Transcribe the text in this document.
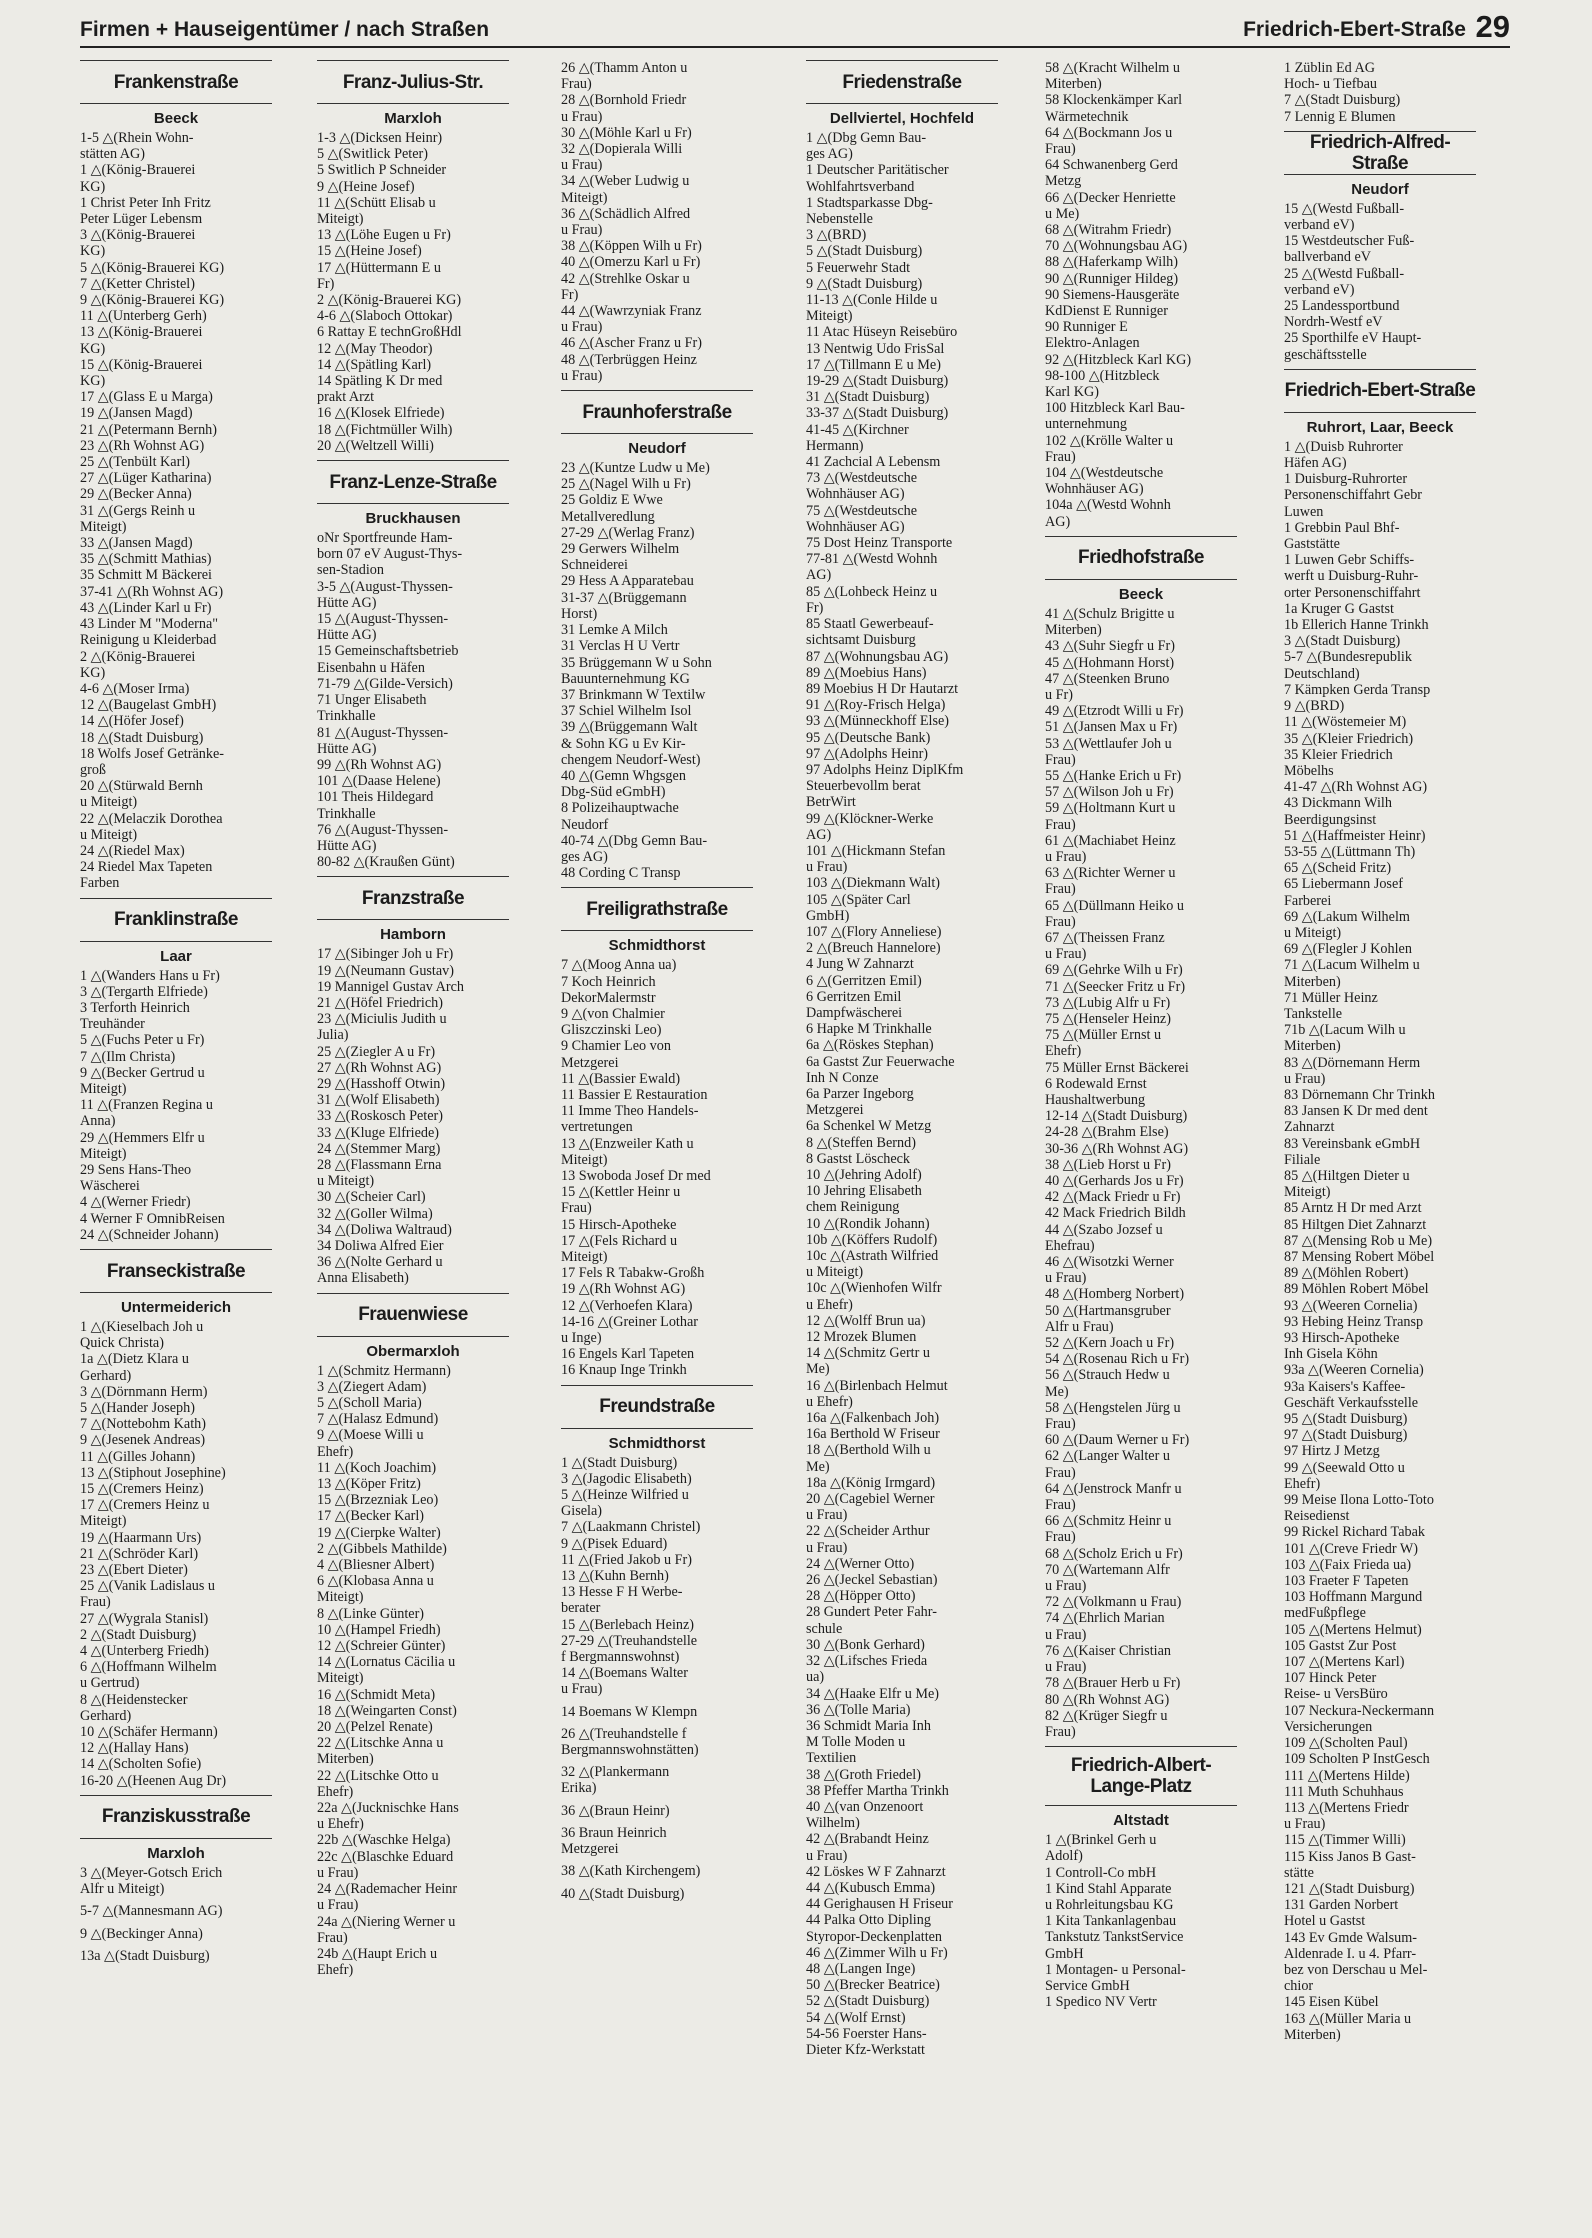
Firmen + Hauseigentümer / nach Straßen	Friedrich-Ebert-Straße 29
Frankenstraße
Beeck
1-5 △(Rhein Wohn-
stätten AG)
1 △(König-Brauerei
KG)
1 Christ Peter Inh Fritz
Peter Lüger Lebensm
3 △(König-Brauerei
KG)
5 △(König-Brauerei KG)
7 △(Ketter Christel)
9 △(König-Brauerei KG)
11 △(Unterberg Gerh)
13 △(König-Brauerei
KG)
15 △(König-Brauerei
KG)
17 △(Glass E u Marga)
19 △(Jansen Magd)
21 △(Petermann Bernh)
23 △(Rh Wohnst AG)
25 △(Tenbült Karl)
27 △(Lüger Katharina)
29 △(Becker Anna)
31 △(Gergs Reinh u
Miteigt)
33 △(Jansen Magd)
35 △(Schmitt Mathias)
35 Schmitt M Bäckerei
37-41 △(Rh Wohnst AG)
43 △(Linder Karl u Fr)
43 Linder M "Moderna"
Reinigung u Kleiderbad
2 △(König-Brauerei
KG)
4-6 △(Moser Irma)
12 △(Baugelast GmbH)
14 △(Höfer Josef)
18 △(Stadt Duisburg)
18 Wolfs Josef Getränke-
groß
20 △(Stürwald Bernh
u Miteigt)
22 △(Melaczik Dorothea
u Miteigt)
24 △(Riedel Max)
24 Riedel Max Tapeten
Farben
Franklinstraße
Laar
1 △(Wanders Hans u Fr)
3 △(Tergarth Elfriede)
3 Terforth Heinrich
Treuhänder
5 △(Fuchs Peter u Fr)
7 △(Ilm Christa)
9 △(Becker Gertrud u
Miteigt)
11 △(Franzen Regina u
Anna)
29 △(Hemmers Elfr u
Miteigt)
29 Sens Hans-Theo
Wäscherei
4 △(Werner Friedr)
4 Werner F OmnibReisen
24 △(Schneider Johann)
Franseckistraße
Untermeiderich
1 △(Kieselbach Joh u
Quick Christa)
1a △(Dietz Klara u
Gerhard)
3 △(Dörnmann Herm)
5 △(Hander Joseph)
7 △(Nottebohm Kath)
9 △(Jesenek Andreas)
11 △(Gilles Johann)
13 △(Stiphout Josephine)
15 △(Cremers Heinz)
17 △(Cremers Heinz u
Miteigt)
19 △(Haarmann Urs)
21 △(Schröder Karl)
23 △(Ebert Dieter)
25 △(Vanik Ladislaus u
Frau)
27 △(Wygrala Stanisl)
2 △(Stadt Duisburg)
4 △(Unterberg Friedh)
6 △(Hoffmann Wilhelm
u Gertrud)
8 △(Heidenstecker
Gerhard)
10 △(Schäfer Hermann)
12 △(Hallay Hans)
14 △(Scholten Sofie)
16-20 △(Heenen Aug Dr)
Franziskusstraße
Marxloh
3 △(Meyer-Gotsch Erich
Alfr u Miteigt)
5-7 △(Mannesmann AG)
9 △(Beckinger Anna)
13a △(Stadt Duisburg)
Franz-Julius-Str.
Marxloh
1-3 △(Dicksen Heinr)
5 △(Switlick Peter)
5 Switlich P Schneider
9 △(Heine Josef)
11 △(Schütt Elisab u
Miteigt)
13 △(Löhe Eugen u Fr)
15 △(Heine Josef)
17 △(Hüttermann E u
Fr)
2 △(König-Brauerei KG)
4-6 △(Slaboch Ottokar)
6 Rattay E technGroßHdl
12 △(May Theodor)
14 △(Spätling Karl)
14 Spätling K Dr med
prakt Arzt
16 △(Klosek Elfriede)
18 △(Fichtmüller Wilh)
20 △(Weltzell Willi)
Franz-Lenze-Straße
Bruckhausen
oNr Sportfreunde Ham-
born 07 eV August-Thys-
sen-Stadion
3-5 △(August-Thyssen-
Hütte AG)
15 △(August-Thyssen-
Hütte AG)
15 Gemeinschaftsbetrieb
Eisenbahn u Häfen
71-79 △(Gilde-Versich)
71 Unger Elisabeth
Trinkhalle
81 △(August-Thyssen-
Hütte AG)
99 △(Rh Wohnst AG)
101 △(Daase Helene)
101 Theis Hildegard
Trinkhalle
76 △(August-Thyssen-
Hütte AG)
80-82 △(Kraußen Günt)
Franzstraße
Hamborn
17 △(Sibinger Joh u Fr)
19 △(Neumann Gustav)
19 Mannigel Gustav Arch
21 △(Höfel Friedrich)
23 △(Miciulis Judith u
Julia)
25 △(Ziegler A u Fr)
27 △(Rh Wohnst AG)
29 △(Hasshoff Otwin)
31 △(Wolf Elisabeth)
33 △(Roskosch Peter)
33 △(Kluge Elfriede)
24 △(Stemmer Marg)
28 △(Flassmann Erna
u Miteigt)
30 △(Scheier Carl)
32 △(Goller Wilma)
34 △(Doliwa Waltraud)
34 Doliwa Alfred Eier
36 △(Nolte Gerhard u
Anna Elisabeth)
Frauenwiese
Obermarxloh
1 △(Schmitz Hermann)
3 △(Ziegert Adam)
5 △(Scholl Maria)
7 △(Halasz Edmund)
9 △(Moese Willi u
Ehefr)
11 △(Koch Joachim)
13 △(Köper Fritz)
15 △(Brzezniak Leo)
17 △(Becker Karl)
19 △(Cierpke Walter)
2 △(Gibbels Mathilde)
4 △(Bliesner Albert)
6 △(Klobasa Anna u
Miteigt)
8 △(Linke Günter)
10 △(Hampel Friedh)
12 △(Schreier Günter)
14 △(Lornatus Cäcilia u
Miteigt)
16 △(Schmidt Meta)
18 △(Weingarten Const)
20 △(Pelzel Renate)
22 △(Litschke Anna u
Miterben)
22 △(Litschke Otto u
Ehefr)
22a △(Jucknischke Hans
u Ehefr)
22b △(Waschke Helga)
22c △(Blaschke Eduard
u Frau)
24 △(Rademacher Heinr
u Frau)
24a △(Niering Werner u
Frau)
24b △(Haupt Erich u
Ehefr)
26 △(Thamm Anton u
Frau)
28 △(Bornhold Friedr
u Frau)
30 △(Möhle Karl u Fr)
32 △(Dopierala Willi
u Frau)
34 △(Weber Ludwig u
Miteigt)
36 △(Schädlich Alfred
u Frau)
38 △(Köppen Wilh u Fr)
40 △(Omerzu Karl u Fr)
42 △(Strehlke Oskar u
Fr)
44 △(Wawrzyniak Franz
u Frau)
46 △(Ascher Franz u Fr)
48 △(Terbrüggen Heinz
u Frau)
Fraunhoferstraße
Neudorf
23 △(Kuntze Ludw u Me)
25 △(Nagel Wilh u Fr)
25 Goldiz E Wwe
Metallveredlung
27-29 △(Werlag Franz)
29 Gerwers Wilhelm
Schneiderei
29 Hess A Apparatebau
31-37 △(Brüggemann
Horst)
31 Lemke A Milch
31 Verclas H U Vertr
35 Brüggemann W u Sohn
Bauunternehmung KG
37 Brinkmann W Textilw
37 Schiel Wilhelm Isol
39 △(Brüggemann Walt
& Sohn KG u Ev Kir-
chengem Neudorf-West)
40 △(Gemn Whgsgen
Dbg-Süd eGmbH)
8 Polizeihauptwache
Neudorf
40-74 △(Dbg Gemn Bau-
ges AG)
48 Cording C Transp
Freiligrathstraße
Schmidthorst
7 △(Moog Anna ua)
7 Koch Heinrich
DekorMalermstr
9 △(von Chalmier
Gliszczinski Leo)
9 Chamier Leo von
Metzgerei
11 △(Bassier Ewald)
11 Bassier E Restauration
11 Imme Theo Handels-
vertretungen
13 △(Enzweiler Kath u
Miteigt)
13 Swoboda Josef Dr med
15 △(Kettler Heinr u
Frau)
15 Hirsch-Apotheke
17 △(Fels Richard u
Miteigt)
17 Fels R Tabakw-Großh
19 △(Rh Wohnst AG)
12 △(Verhoefen Klara)
14-16 △(Greiner Lothar
u Inge)
16 Engels Karl Tapeten
16 Knaup Inge Trinkh
Freundstraße
Schmidthorst
1 △(Stadt Duisburg)
3 △(Jagodic Elisabeth)
5 △(Heinze Wilfried u
Gisela)
7 △(Laakmann Christel)
9 △(Pisek Eduard)
11 △(Fried Jakob u Fr)
13 △(Kuhn Bernh)
13 Hesse F H Werbe-
berater
15 △(Berlebach Heinz)
27-29 △(Treuhandstelle
f Bergmannswohnst)
14 △(Boemans Walter
u Frau)
14 Boemans W Klempn
26 △(Treuhandstelle f
Bergmannswohnstätten)
32 △(Plankermann
Erika)
36 △(Braun Heinr)
36 Braun Heinrich
Metzgerei
38 △(Kath Kirchengem)
40 △(Stadt Duisburg)
Friedenstraße
Dellviertel, Hochfeld
1 △(Dbg Gemn Bau-
ges AG)
1 Deutscher Paritätischer
Wohlfahrtsverband
1 Stadtsparkasse Dbg-
Nebenstelle
3 △(BRD)
5 △(Stadt Duisburg)
5 Feuerwehr Stadt
9 △(Stadt Duisburg)
11-13 △(Conle Hilde u
Miteigt)
11 Atac Hüseyn Reisebüro
13 Nentwig Udo FrisSal
17 △(Tillmann E u Me)
19-29 △(Stadt Duisburg)
31 △(Stadt Duisburg)
33-37 △(Stadt Duisburg)
41-45 △(Kirchner
Hermann)
41 Zachcial A Lebensm
73 △(Westdeutsche
Wohnhäuser AG)
75 △(Westdeutsche
Wohnhäuser AG)
75 Dost Heinz Transporte
77-81 △(Westd Wohnh
AG)
85 △(Lohbeck Heinz u
Fr)
85 Staatl Gewerbeauf-
sichtsamt Duisburg
87 △(Wohnungsbau AG)
89 △(Moebius Hans)
89 Moebius H Dr Hautarzt
91 △(Roy-Frisch Helga)
93 △(Münneckhoff Else)
95 △(Deutsche Bank)
97 △(Adolphs Heinr)
97 Adolphs Heinz DiplKfm
Steuerbevollm berat
BetrWirt
99 △(Klöckner-Werke
AG)
101 △(Hickmann Stefan
u Frau)
103 △(Diekmann Walt)
105 △(Später Carl
GmbH)
107 △(Flory Anneliese)
2 △(Breuch Hannelore)
4 Jung W Zahnarzt
6 △(Gerritzen Emil)
6 Gerritzen Emil
Dampfwäscherei
6 Hapke M Trinkhalle
6a △(Röskes Stephan)
6a Gastst Zur Feuerwache
Inh N Conze
6a Parzer Ingeborg
Metzgerei
6a Schenkel W Metzg
8 △(Steffen Bernd)
8 Gastst Löscheck
10 △(Jehring Adolf)
10 Jehring Elisabeth
chem Reinigung
10 △(Rondik Johann)
10b △(Köffers Rudolf)
10c △(Astrath Wilfried
u Miteigt)
10c △(Wienhofen Wilfr
u Ehefr)
12 △(Wolff Brun ua)
12 Mrozek Blumen
14 △(Schmitz Gertr u
Me)
16 △(Birlenbach Helmut
u Ehefr)
16a △(Falkenbach Joh)
16a Berthold W Friseur
18 △(Berthold Wilh u
Me)
18a △(König Irmgard)
20 △(Cagebiel Werner
u Frau)
22 △(Scheider Arthur
u Frau)
24 △(Werner Otto)
26 △(Jeckel Sebastian)
28 △(Höpper Otto)
28 Gundert Peter Fahr-
schule
30 △(Bonk Gerhard)
32 △(Lifsches Frieda
ua)
34 △(Haake Elfr u Me)
36 △(Tolle Maria)
36 Schmidt Maria Inh
M Tolle Moden u
Textilien
38 △(Groth Friedel)
38 Pfeffer Martha Trinkh
40 △(van Onzenoort
Wilhelm)
42 △(Brabandt Heinz
u Frau)
42 Löskes W F Zahnarzt
44 △(Kubusch Emma)
44 Gerighausen H Friseur
44 Palka Otto Dipling
Styropor-Deckenplatten
46 △(Zimmer Wilh u Fr)
48 △(Langen Inge)
50 △(Brecker Beatrice)
52 △(Stadt Duisburg)
54 △(Wolf Ernst)
54-56 Foerster Hans-
Dieter Kfz-Werkstatt
58 △(Kracht Wilhelm u
Miterben)
58 Klockenkämper Karl
Wärmetechnik
64 △(Bockmann Jos u
Frau)
64 Schwanenberg Gerd
Metzg
66 △(Decker Henriette
u Me)
68 △(Witrahm Friedr)
70 △(Wohnungsbau AG)
88 △(Haferkamp Wilh)
90 △(Runniger Hildeg)
90 Siemens-Hausgeräte
KdDienst E Runniger
90 Runniger E
Elektro-Anlagen
92 △(Hitzbleck Karl KG)
98-100 △(Hitzbleck
Karl KG)
100 Hitzbleck Karl Bau-
unternehmung
102 △(Krölle Walter u
Frau)
104 △(Westdeutsche
Wohnhäuser AG)
104a △(Westd Wohnh
AG)
Friedhofstraße
Beeck
41 △(Schulz Brigitte u
Miterben)
43 △(Suhr Siegfr u Fr)
45 △(Hohmann Horst)
47 △(Steenken Bruno
u Fr)
49 △(Etzrodt Willi u Fr)
51 △(Jansen Max u Fr)
53 △(Wettlaufer Joh u
Frau)
55 △(Hanke Erich u Fr)
57 △(Wilson Joh u Fr)
59 △(Holtmann Kurt u
Frau)
61 △(Machiabet Heinz
u Frau)
63 △(Richter Werner u
Frau)
65 △(Düllmann Heiko u
Frau)
67 △(Theissen Franz
u Frau)
69 △(Gehrke Wilh u Fr)
71 △(Seecker Fritz u Fr)
73 △(Lubig Alfr u Fr)
75 △(Henseler Heinz)
75 △(Müller Ernst u
Ehefr)
75 Müller Ernst Bäckerei
6 Rodewald Ernst
Haushaltwerbung
12-14 △(Stadt Duisburg)
24-28 △(Brahm Else)
30-36 △(Rh Wohnst AG)
38 △(Lieb Horst u Fr)
40 △(Gerhards Jos u Fr)
42 △(Mack Friedr u Fr)
42 Mack Friedrich Bildh
44 △(Szabo Jozsef u
Ehefrau)
46 △(Wisotzki Werner
u Frau)
48 △(Homberg Norbert)
50 △(Hartmansgruber
Alfr u Frau)
52 △(Kern Joach u Fr)
54 △(Rosenau Rich u Fr)
56 △(Strauch Hedw u
Me)
58 △(Hengstelen Jürg u
Frau)
60 △(Daum Werner u Fr)
62 △(Langer Walter u
Frau)
64 △(Jenstrock Manfr u
Frau)
66 △(Schmitz Heinr u
Frau)
68 △(Scholz Erich u Fr)
70 △(Wartemann Alfr
u Frau)
72 △(Volkmann u Frau)
74 △(Ehrlich Marian
u Frau)
76 △(Kaiser Christian
u Frau)
78 △(Brauer Herb u Fr)
80 △(Rh Wohnst AG)
82 △(Krüger Siegfr u
Frau)
Friedrich-Albert-
Lange-Platz
Altstadt
1 △(Brinkel Gerh u
Adolf)
1 Controll-Co mbH
1 Kind Stahl Apparate
u Rohrleitungsbau KG
1 Kita Tankanlagenbau
Tankstutz TankstService
GmbH
1 Montagen- u Personal-
Service GmbH
1 Spedico NV Vertr
1 Züblin Ed AG
Hoch- u Tiefbau
7 △(Stadt Duisburg)
7 Lennig E Blumen
Friedrich-Alfred-Straße
Neudorf
15 △(Westd Fußball-
verband eV)
15 Westdeutscher Fuß-
ballverband eV
25 △(Westd Fußball-
verband eV)
25 Landessportbund
Nordrh-Westf eV
25 Sporthilfe eV Haupt-
geschäftsstelle
Friedrich-Ebert-Straße
Ruhrort, Laar, Beeck
1 △(Duisb Ruhrorter
Häfen AG)
1 Duisburg-Ruhrorter
Personenschiffahrt Gebr
Luwen
1 Grebbin Paul Bhf-
Gaststätte
1 Luwen Gebr Schiffs-
werft u Duisburg-Ruhr-
orter Personenschiffahrt
1a Kruger G Gastst
1b Ellerich Hanne Trinkh
3 △(Stadt Duisburg)
5-7 △(Bundesrepublik
Deutschland)
7 Kämpken Gerda Transp
9 △(BRD)
11 △(Wöstemeier M)
35 △(Kleier Friedrich)
35 Kleier Friedrich
Möbelhs
41-47 △(Rh Wohnst AG)
43 Dickmann Wilh
Beerdigungsinst
51 △(Haffmeister Heinr)
53-55 △(Lüttmann Th)
65 △(Scheid Fritz)
65 Liebermann Josef
Farberei
69 △(Lakum Wilhelm
u Miteigt)
69 △(Flegler J Kohlen
71 △(Lacum Wilhelm u
Miterben)
71 Müller Heinz
Tankstelle
71b △(Lacum Wilh u
Miterben)
83 △(Dörnemann Herm
u Frau)
83 Dörnemann Chr Trinkh
83 Jansen K Dr med dent
Zahnarzt
83 Vereinsbank eGmbH
Filiale
85 △(Hiltgen Dieter u
Miteigt)
85 Arntz H Dr med Arzt
85 Hiltgen Diet Zahnarzt
87 △(Mensing Rob u Me)
87 Mensing Robert Möbel
89 △(Möhlen Robert)
89 Möhlen Robert Möbel
93 △(Weeren Cornelia)
93 Hebing Heinz Transp
93 Hirsch-Apotheke
Inh Gisela Köhn
93a △(Weeren Cornelia)
93a Kaisers's Kaffee-
Geschäft Verkaufsstelle
95 △(Stadt Duisburg)
97 △(Stadt Duisburg)
97 Hirtz J Metzg
99 △(Seewald Otto u
Ehefr)
99 Meise Ilona Lotto-Toto
Reisedienst
99 Rickel Richard Tabak
101 △(Creve Friedr W)
103 △(Faix Frieda ua)
103 Fraeter F Tapeten
103 Hoffmann Margund
medFußpflege
105 △(Mertens Helmut)
105 Gastst Zur Post
107 △(Mertens Karl)
107 Hinck Peter
Reise- u VersBüro
107 Neckura-Neckermann
Versicherungen
109 △(Scholten Paul)
109 Scholten P InstGesch
111 △(Mertens Hilde)
111 Muth Schuhhaus
113 △(Mertens Friedr
u Frau)
115 △(Timmer Willi)
115 Kiss Janos B Gast-
stätte
121 △(Stadt Duisburg)
131 Garden Norbert
Hotel u Gastst
143 Ev Gmde Walsum-
Aldenrade I. u 4. Pfarr-
bez von Derschau u Mel-
chior
145 Eisen Kübel
163 △(Müller Maria u
Miterben)
